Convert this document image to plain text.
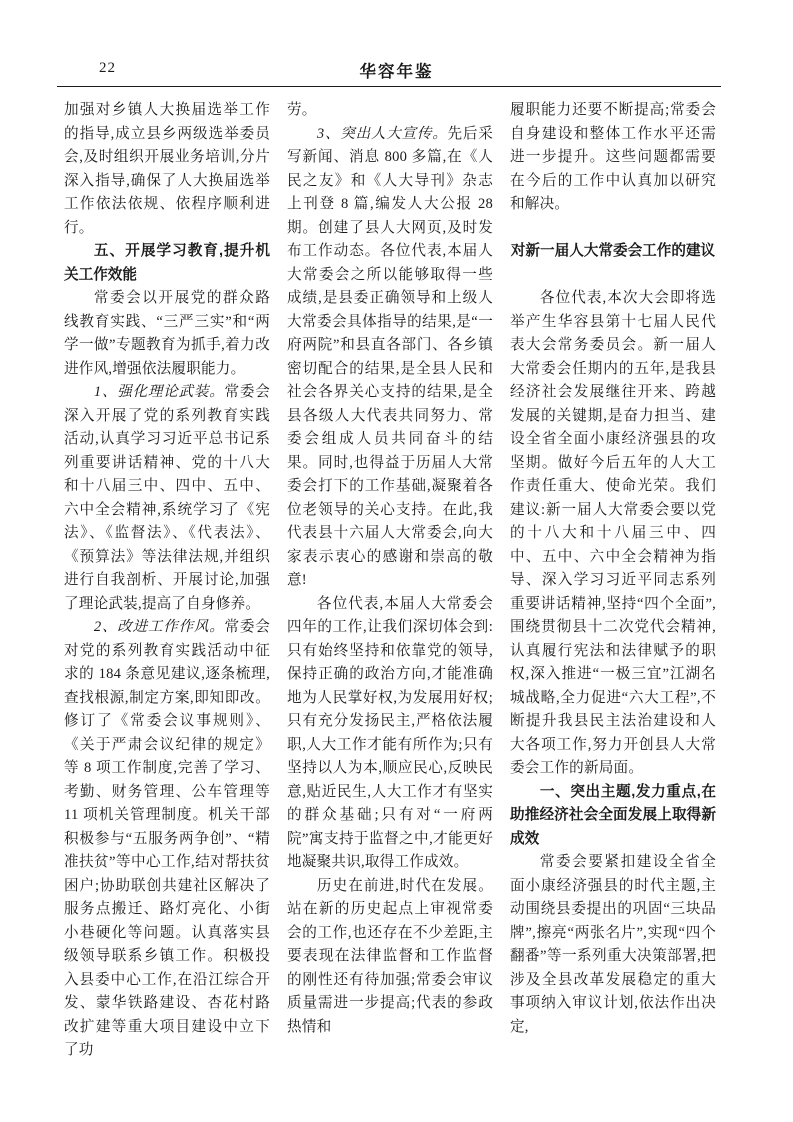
22	华容年鉴

加强对乡镇人大换届选举工作的指导,成立县乡两级选举委员会,及时组织开展业务培训,分片深入指导,确保了人大换届选举工作依法依规、依程序顺利进行。

五、开展学习教育,提升机关工作效能

常委会以开展党的群众路线教育实践、“三严三实”和“两学一做”专题教育为抓手,着力改进作风,增强依法履职能力。

1、强化理论武装。常委会深入开展了党的系列教育实践活动,认真学习习近平总书记系列重要讲话精神、党的十八大和十八届三中、四中、五中、六中全会精神,系统学习了《宪法》、《监督法》、《代表法》、《预算法》等法律法规,并组织进行自我剖析、开展讨论,加强了理论武装,提高了自身修养。

2、改进工作作风。常委会对党的系列教育实践活动中征求的 184 条意见建议,逐条梳理,查找根源,制定方案,即知即改。修订了《常委会议事规则》、《关于严肃会议纪律的规定》等 8 项工作制度,完善了学习、考勤、财务管理、公车管理等 11 项机关管理制度。机关干部积极参与“五服务两争创”、“精准扶贫”等中心工作,结对帮扶贫困户;协助联创共建社区解决了服务点搬迁、路灯亮化、小街小巷硬化等问题。认真落实县级领导联系乡镇工作。积极投入县委中心工作,在沿江综合开发、蒙华铁路建设、杏花村路改扩建等重大项目建设中立下了功

劳。

3、突出人大宣传。先后采写新闻、消息 800 多篇,在《人民之友》和《人大导刊》杂志上刊登 8 篇,编发人大公报 28 期。创建了县人大网页,及时发布工作动态。各位代表,本届人大常委会之所以能够取得一些成绩,是县委正确领导和上级人大常委会具体指导的结果,是“一府两院”和县直各部门、各乡镇密切配合的结果,是全县人民和社会各界关心支持的结果,是全县各级人大代表共同努力、常委会组成人员共同奋斗的结果。同时,也得益于历届人大常委会打下的工作基础,凝聚着各位老领导的关心支持。在此,我代表县十六届人大常委会,向大家表示衷心的感谢和崇高的敬意!

各位代表,本届人大常委会四年的工作,让我们深切体会到:只有始终坚持和依靠党的领导,保持正确的政治方向,才能准确地为人民掌好权,为发展用好权;只有充分发扬民主,严格依法履职,人大工作才能有所作为;只有坚持以人为本,顺应民心,反映民意,贴近民生,人大工作才有坚实的群众基础;只有对“一府两院”寓支持于监督之中,才能更好地凝聚共识,取得工作成效。

历史在前进,时代在发展。站在新的历史起点上审视常委会的工作,也还存在不少差距,主要表现在法律监督和工作监督的刚性还有待加强;常委会审议质量需进一步提高;代表的参政热情和

履职能力还要不断提高;常委会自身建设和整体工作水平还需进一步提升。这些问题都需要在今后的工作中认真加以研究和解决。

对新一届人大常委会工作的建议

各位代表,本次大会即将选举产生华容县第十七届人民代表大会常务委员会。新一届人大常委会任期内的五年,是我县经济社会发展继往开来、跨越发展的关键期,是奋力担当、建设全省全面小康经济强县的攻坚期。做好今后五年的人大工作责任重大、使命光荣。我们建议:新一届人大常委会要以党的十八大和十八届三中、四中、五中、六中全会精神为指导、深入学习习近平同志系列重要讲话精神,坚持“四个全面”,围绕贯彻县十二次党代会精神,认真履行宪法和法律赋予的职权,深入推进“一极三宜”江湖名城战略,全力促进“六大工程”,不断提升我县民主法治建设和人大各项工作,努力开创县人大常委会工作的新局面。

一、突出主题,发力重点,在助推经济社会全面发展上取得新成效

常委会要紧扣建设全省全面小康经济强县的时代主题,主动围绕县委提出的巩固“三块品牌”,擦亮“两张名片”,实现“四个翻番”等一系列重大决策部署,把涉及全县改革发展稳定的重大事项纳入审议计划,依法作出决定,
